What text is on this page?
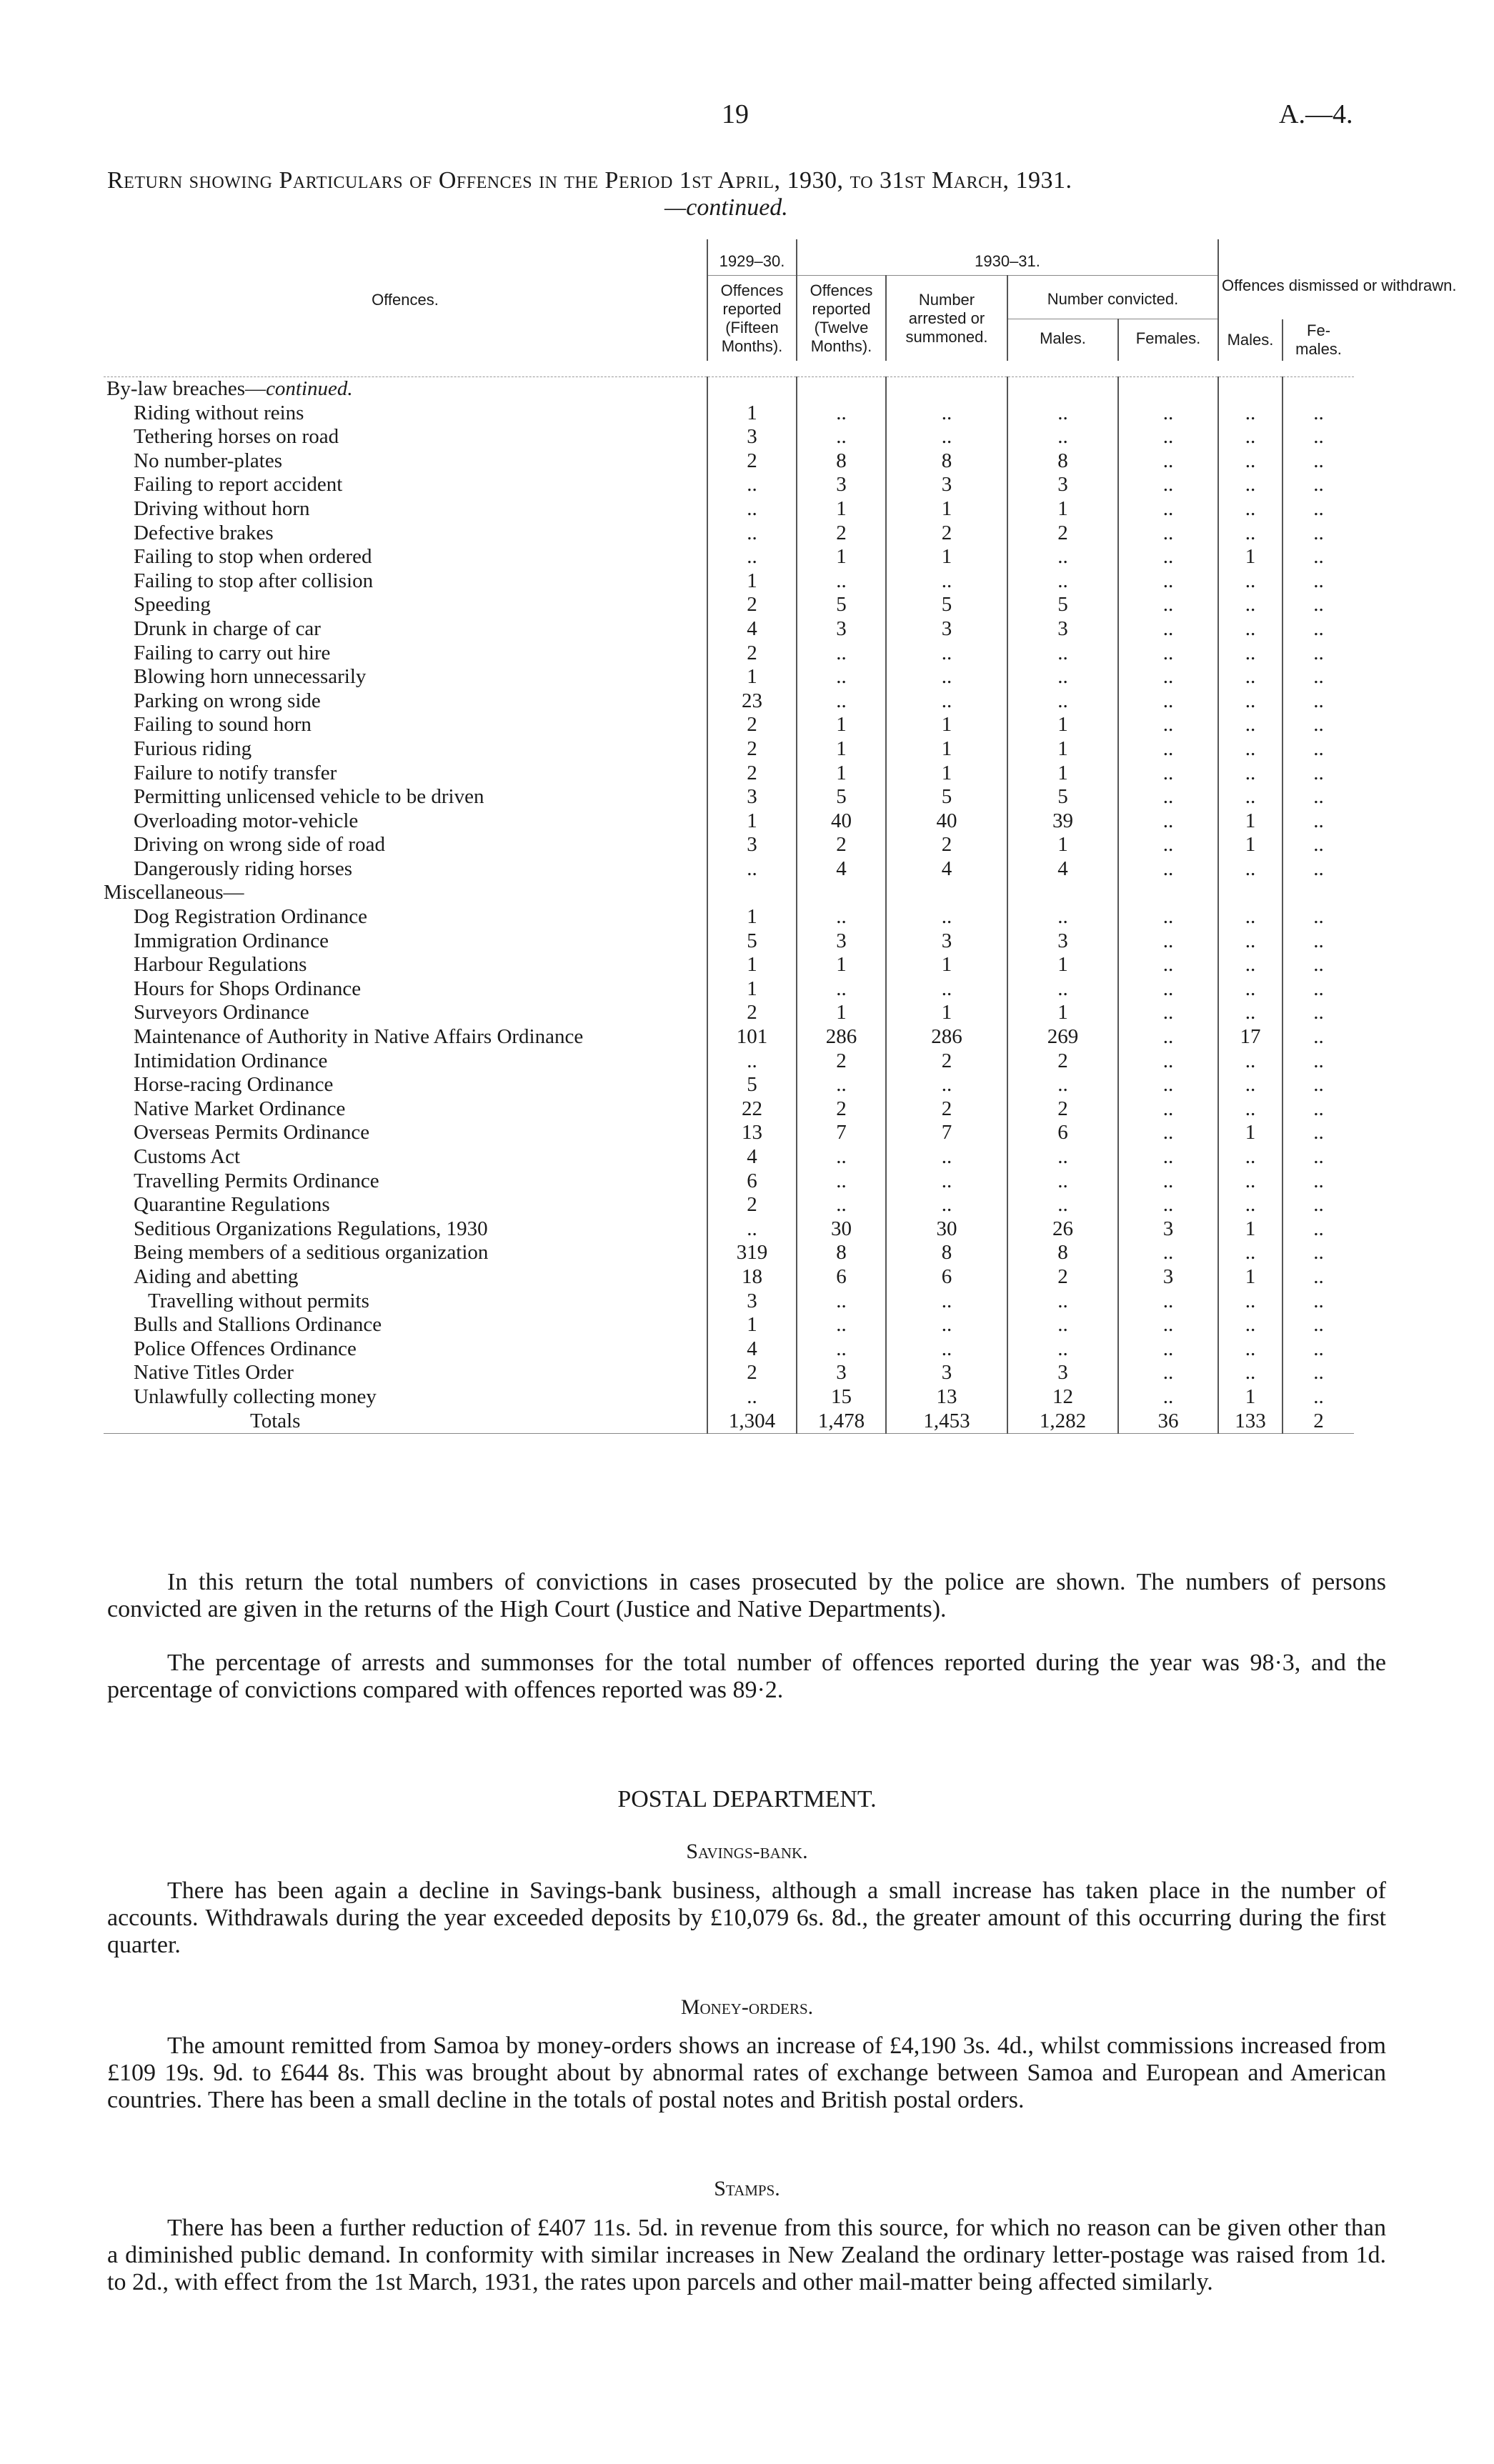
19	A.—4.
Return showing Particulars of Offences in the Period 1st April, 1930, to 31st March, 1931.
—continued.
Offences.	1929–30.	1930–31.				Offences dismissed or withdrawn.	
	Offences reported (Fifteen Months).	Offences reported (Twelve Months).	Number arrested or summoned.	Number convicted.			
				Males.	Females.	Males.	Fe-males.

By-law breaches—continued.							
Riding without reins	1	..	..	..	..	..	..
Tethering horses on road	3	..	..	..	..	..	..
No number-plates	2	8	8	8	..	..	..
Failing to report accident	..	3	3	3	..	..	..
Driving without horn	..	1	1	1	..	..	..
Defective brakes	..	2	2	2	..	..	..
Failing to stop when ordered	..	1	1	..	..	1	..
Failing to stop after collision	1	..	..	..	..	..	..
Speeding	2	5	5	5	..	..	..
Drunk in charge of car	4	3	3	3	..	..	..
Failing to carry out hire	2	..	..	..	..	..	..
Blowing horn unnecessarily	1	..	..	..	..	..	..
Parking on wrong side	23	..	..	..	..	..	..
Failing to sound horn	2	1	1	1	..	..	..
Furious riding	2	1	1	1	..	..	..
Failure to notify transfer	2	1	1	1	..	..	..
Permitting unlicensed vehicle to be driven	3	5	5	5	..	..	..
Overloading motor-vehicle	1	40	40	39	..	1	..
Driving on wrong side of road	3	2	2	1	..	1	..
Dangerously riding horses	..	4	4	4	..	..	..
Miscellaneous—							
Dog Registration Ordinance	1	..	..	..	..	..	..
Immigration Ordinance	5	3	3	3	..	..	..
Harbour Regulations	1	1	1	1	..	..	..
Hours for Shops Ordinance	1	..	..	..	..	..	..
Surveyors Ordinance	2	1	1	1	..	..	..
Maintenance of Authority in Native Affairs Ordinance	101	286	286	269	..	17	..
Intimidation Ordinance	..	2	2	2	..	..	..
Horse-racing Ordinance	5	..	..	..	..	..	..
Native Market Ordinance	22	2	2	2	..	..	..
Overseas Permits Ordinance	13	7	7	6	..	1	..
Customs Act	4	..	..	..	..	..	..
Travelling Permits Ordinance	6	..	..	..	..	..	..
Quarantine Regulations	2	..	..	..	..	..	..
Seditious Organizations Regulations, 1930	..	30	30	26	3	1	..
Being members of a seditious organization	319	8	8	8	..	..	..
Aiding and abetting	18	6	6	2	3	1	..
Travelling without permits	3	..	..	..	..	..	..
Bulls and Stallions Ordinance	1	..	..	..	..	..	..
Police Offences Ordinance	4	..	..	..	..	..	..
Native Titles Order	2	3	3	3	..	..	..
Unlawfully collecting money	..	15	13	12	..	1	..
Totals	1,304	1,478	1,453	1,282	36	133	2
In this return the total numbers of convictions in cases prosecuted by the police are shown. The numbers of persons convicted are given in the returns of the High Court (Justice and Native Departments).
The percentage of arrests and summonses for the total number of offences reported during the year was 98·3, and the percentage of convictions compared with offences reported was 89·2.
POSTAL DEPARTMENT.
Savings-bank.
There has been again a decline in Savings-bank business, although a small increase has taken place in the number of accounts. Withdrawals during the year exceeded deposits by £10,079 6s. 8d., the greater amount of this occurring during the first quarter.
Money-orders.
The amount remitted from Samoa by money-orders shows an increase of £4,190 3s. 4d., whilst commissions increased from £109 19s. 9d. to £644 8s. This was brought about by abnormal rates of exchange between Samoa and European and American countries. There has been a small decline in the totals of postal notes and British postal orders.
Stamps.
There has been a further reduction of £407 11s. 5d. in revenue from this source, for which no reason can be given other than a diminished public demand. In conformity with similar increases in New Zealand the ordinary letter-postage was raised from 1d. to 2d., with effect from the 1st March, 1931, the rates upon parcels and other mail-matter being affected similarly.
